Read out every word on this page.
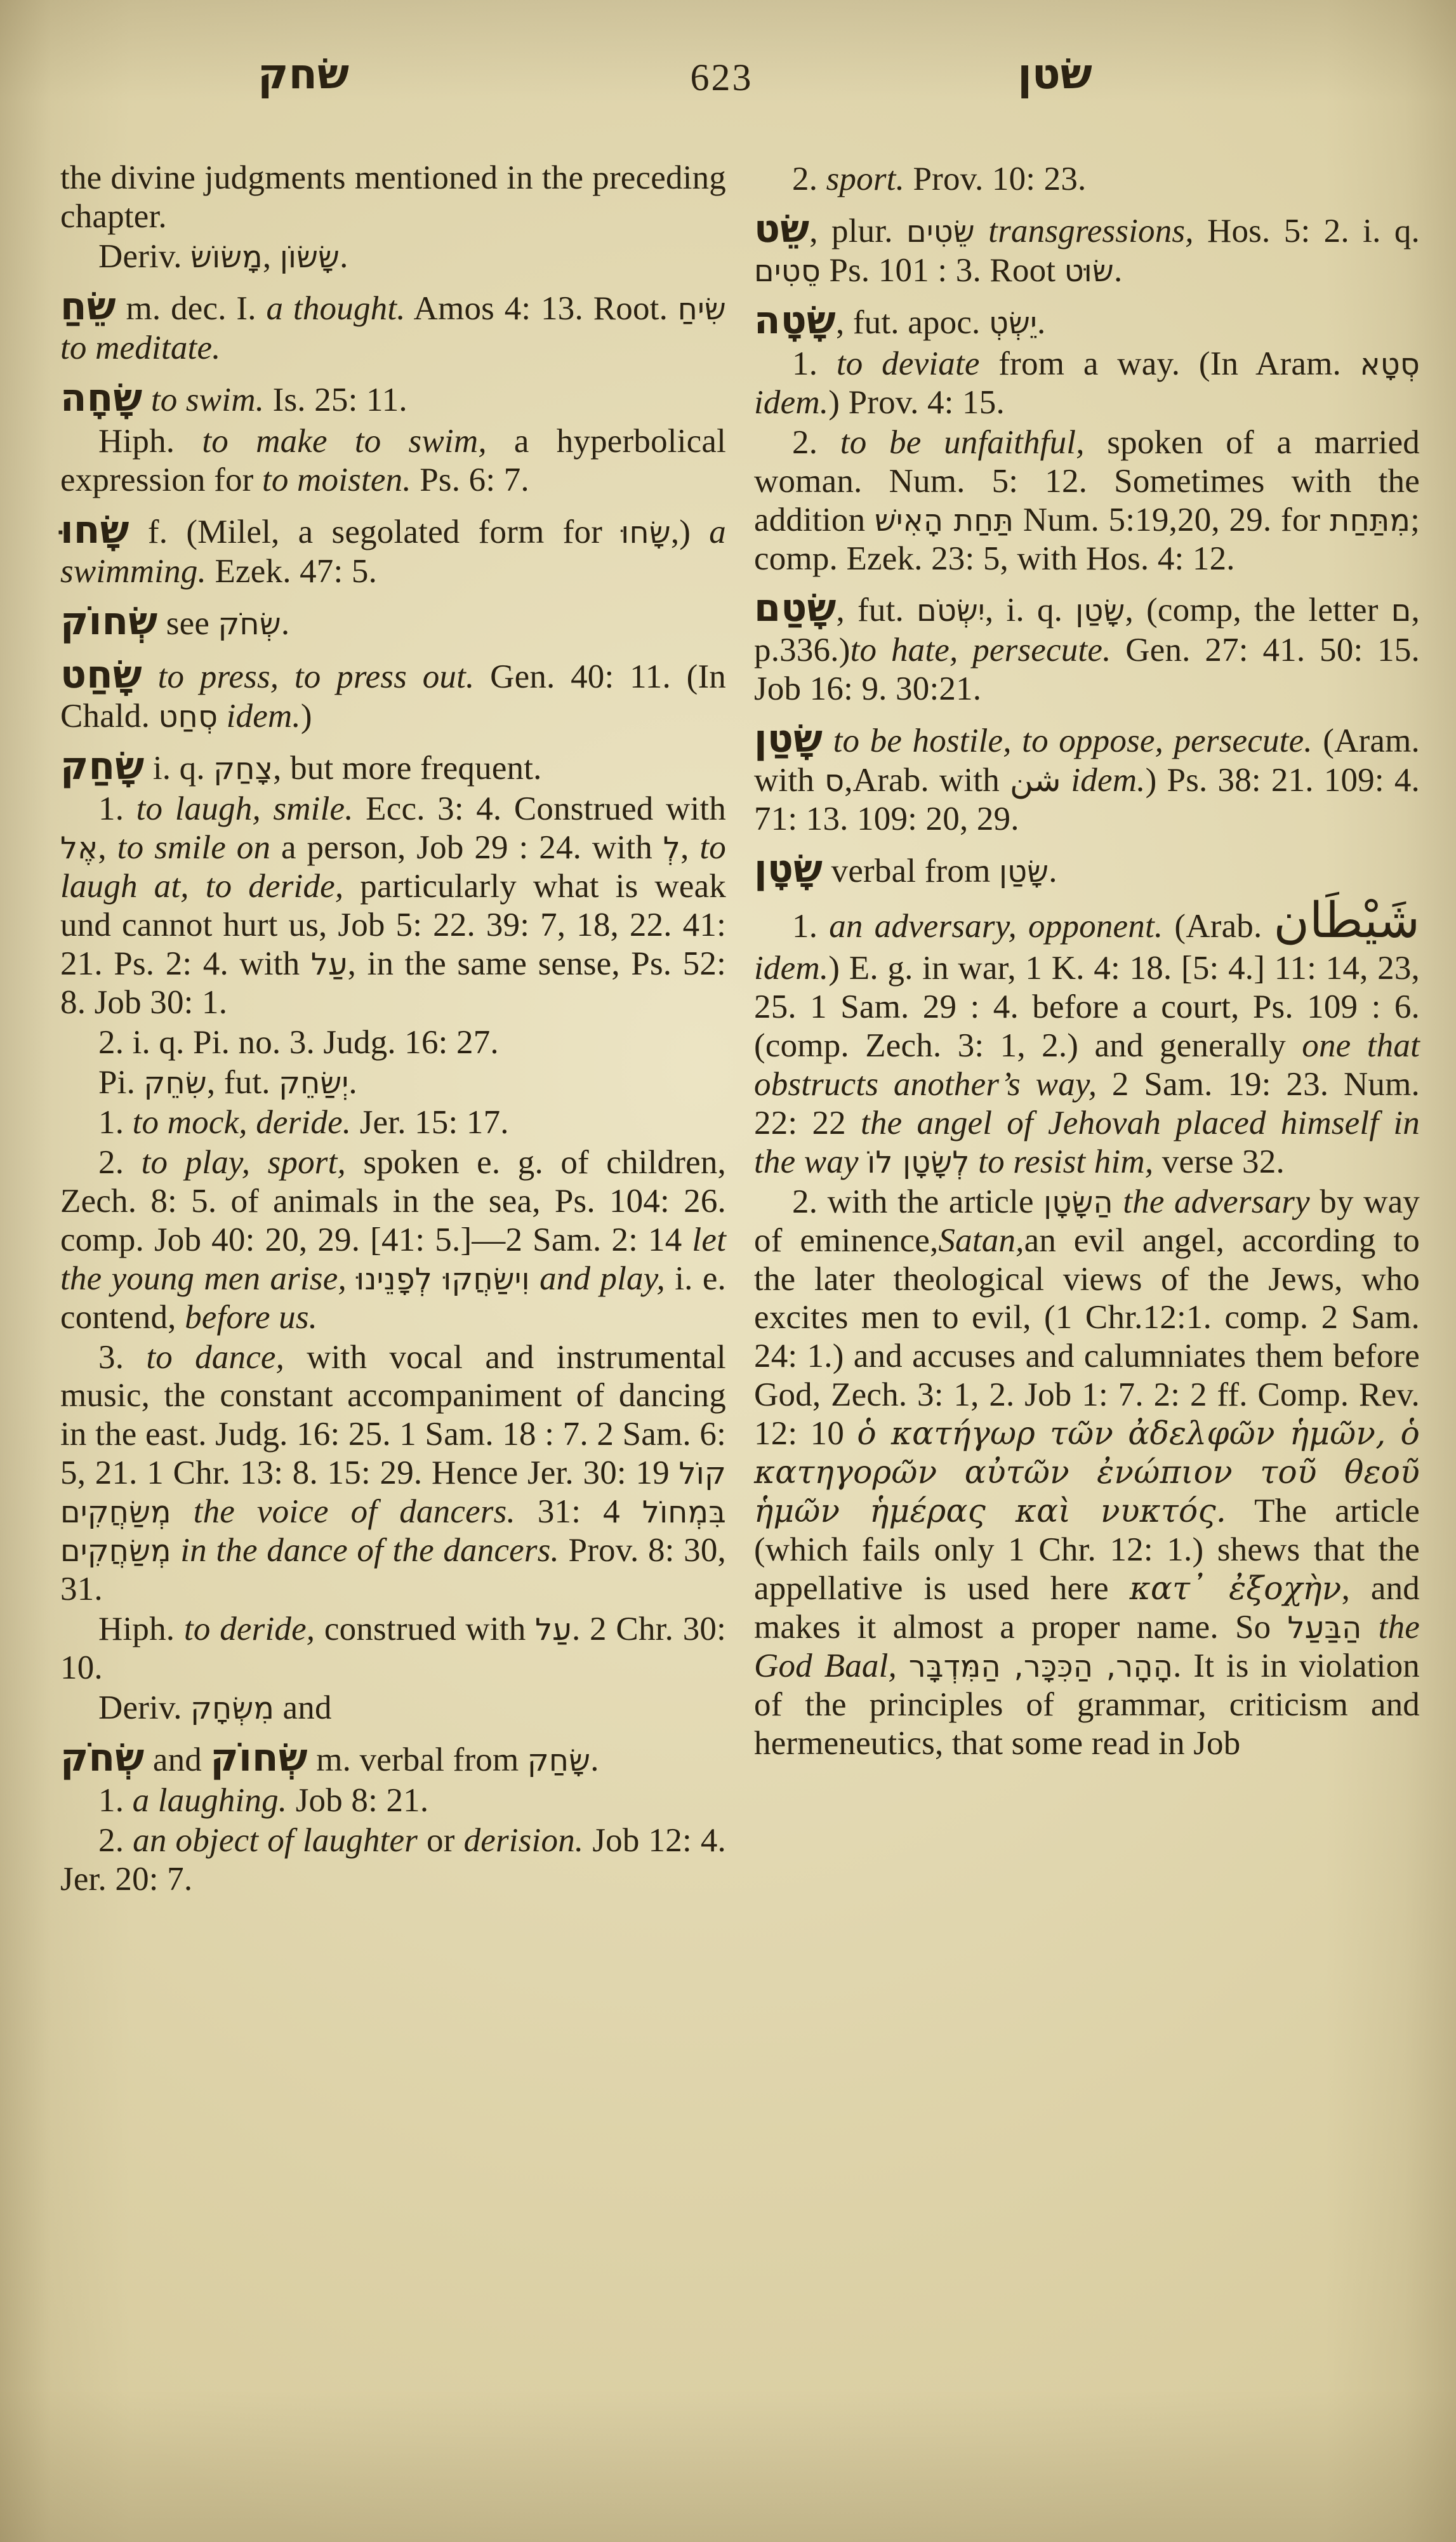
שׂחק	623	שׂטן

the divine judgments mentioned in the preceding chapter.

Deriv. מָשׂוֹשׂ, שָׂשׂוֹן.

שֵׂחַ m. dec. I. a thought. Amos 4: 13. Root. שִׂיחַ to meditate.

שָׂחָה to swim. Is. 25: 11.

Hiph. to make to swim, a hyperbolical expression for to moisten. Ps. 6: 7.

שָׂחוּ f. (Milel, a segolated form for שָׂחוּ,) a swimming. Ezek. 47: 5.

שְׂחוֹק see שְׂחֹק.

שָׂחַט to press, to press out. Gen. 40: 11. (In Chald. סְחַט idem.)

שָׂחַק i. q. צָחַק, but more frequent.

1. to laugh, smile. Ecc. 3: 4. Construed with אֶל, to smile on a person, Job 29 : 24. with לְ, to laugh at, to deride, particularly what is weak und cannot hurt us, Job 5: 22. 39: 7, 18, 22. 41: 21. Ps. 2: 4. with עַל, in the same sense, Ps. 52: 8. Job 30: 1.

2. i. q. Pi. no. 3. Judg. 16: 27.

Pi. שִׂחֵק, fut. יְשַׂחֵק.

1. to mock, deride. Jer. 15: 17.

2. to play, sport, spoken e. g. of children, Zech. 8: 5. of animals in the sea, Ps. 104: 26. comp. Job 40: 20, 29. [41: 5.]—2 Sam. 2: 14 let the young men arise, וִישַׂחֲקוּ לְפָנֵינוּ and play, i. e. contend, before us.

3. to dance, with vocal and instrumental music, the constant accompaniment of dancing in the east. Judg. 16: 25. 1 Sam. 18 : 7. 2 Sam. 6: 5, 21. 1 Chr. 13: 8. 15: 29. Hence Jer. 30: 19 קוֹל מְשַׂחֲקִים the voice of dancers. 31: 4 בִּמְחוֹל מְשַׂחֲקִים in the dance of the dancers. Prov. 8: 30, 31.

Hiph. to deride, construed with עַל. 2 Chr. 30: 10.

Deriv. מִשְׂחָק and

שְׂחֹק and שְׂחוֹק m. verbal from שָׂחַק.

1. a laughing. Job 8: 21.

2. an object of laughter or derision. Job 12: 4. Jer. 20: 7.

2. sport. Prov. 10: 23.

שֵׂט, plur. שֵׂטִים transgressions, Hos. 5: 2. i. q. סֵטִים Ps. 101 : 3. Root שׂוּט.

שָׂטָה, fut. apoc. יֵשְׂטְ.

1. to deviate from a way. (In Aram. סְטָא idem.) Prov. 4: 15.

2. to be unfaithful, spoken of a married woman. Num. 5: 12. Sometimes with the addition תַּחַת הָאִישׁ Num. 5:19,20, 29. for מִתַּחַת; comp. Ezek. 23: 5, with Hos. 4: 12.

שָׂטַם, fut. יִשְׂטֹם, i. q. שָׂטַן, (comp, the letter ם, p.336.)to hate, persecute. Gen. 27: 41. 50: 15. Job 16: 9. 30:21.

שָׂטַן to be hostile, to oppose, persecute. (Aram. with ס,Arab. with شن idem.) Ps. 38: 21. 109: 4. 71: 13. 109: 20, 29.

שָׂטָן verbal from שָׂטַן.

1. an adversary, opponent. (Arab. شَيْطَان idem.) E. g. in war, 1 K. 4: 18. [5: 4.] 11: 14, 23, 25. 1 Sam. 29 : 4. before a court, Ps. 109 : 6. (comp. Zech. 3: 1, 2.) and generally one that obstructs another’s way, 2 Sam. 19: 23. Num. 22: 22 the angel of Jehovah placed himself in the way לְשָׂטָן לוֹ to resist him, verse 32.

2. with the article הַשָּׂטָן the adversary by way of eminence,Satan,an evil angel, according to the later theological views of the Jews, who excites men to evil, (1 Chr.12:1. comp. 2 Sam. 24: 1.) and accuses and calumniates them before God, Zech. 3: 1, 2. Job 1: 7. 2: 2 ff. Comp. Rev. 12: 10 ὁ κατήγωρ τῶν ἀδελφῶν ἡμῶν, ὁ κατηγορῶν αὐτῶν ἐνώπιον τοῦ θεοῦ ἡμῶν ἡμέρας καὶ νυκτός. The article (which fails only 1 Chr. 12: 1.) shews that the appellative is used here κατ᾽ ἐξοχὴν, and makes it almost a proper name. So הַבַּעַל the God Baal, הָהָר, הַכִּכָּר, הַמִּדְבָּר. It is in violation of the principles of grammar, criticism and hermeneutics, that some read in Job
